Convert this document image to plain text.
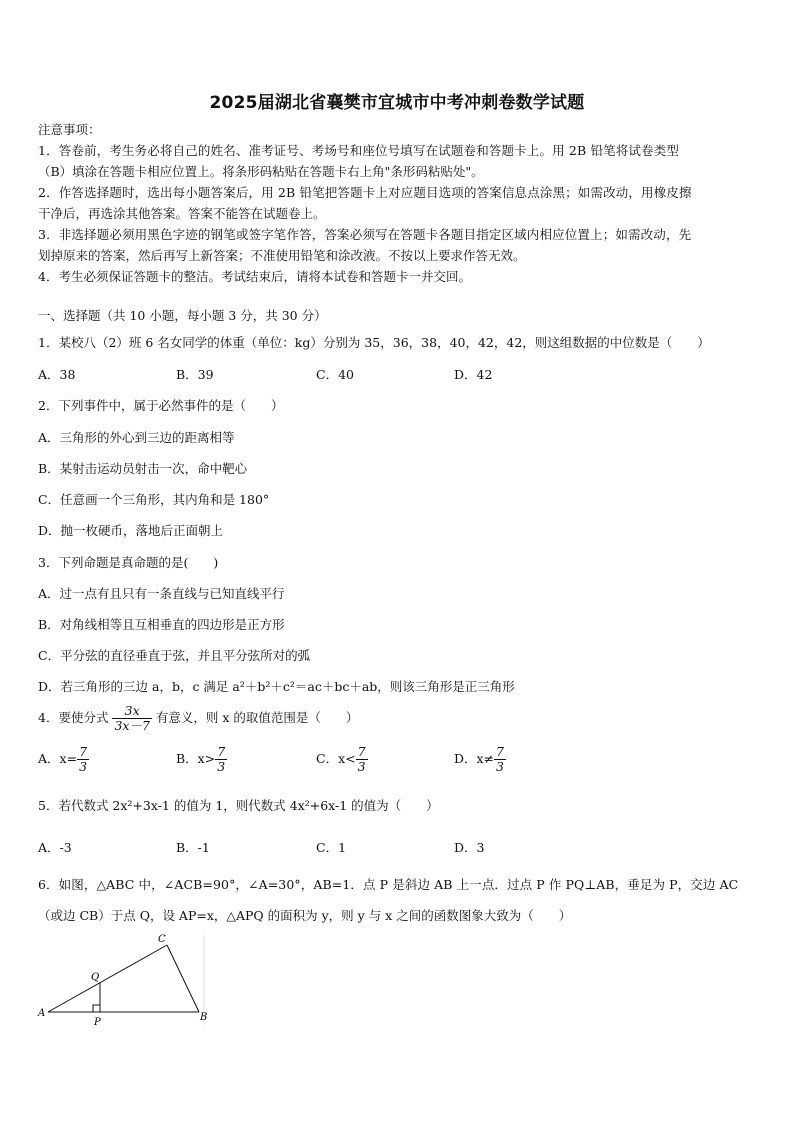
2025届湖北省襄樊市宜城市中考冲刺卷数学试题
注意事项：
1．答卷前，考生务必将自己的姓名、准考证号、考场号和座位号填写在试题卷和答题卡上。用 2B 铅笔将试卷类型
（B）填涂在答题卡相应位置上。将条形码粘贴在答题卡右上角"条形码粘贴处"。
2．作答选择题时，选出每小题答案后，用 2B 铅笔把答题卡上对应题目选项的答案信息点涂黑；如需改动，用橡皮擦
干净后，再选涂其他答案。答案不能答在试题卷上。
3．非选择题必须用黑色字迹的钢笔或签字笔作答，答案必须写在答题卡各题目指定区域内相应位置上；如需改动，先
划掉原来的答案，然后再写上新答案；不准使用铅笔和涂改液。不按以上要求作答无效。
4．考生必须保证答题卡的整洁。考试结束后，请将本试卷和答题卡一并交回。
一、选择题（共 10 小题，每小题 3 分，共 30 分）
1．某校八（2）班 6 名女同学的体重（单位：kg）分别为 35，36，38，40，42，42，则这组数据的中位数是（　　）
A．38	B．39	C．40	D．42
2．下列事件中，属于必然事件的是（　　）
A．三角形的外心到三边的距离相等
B．某射击运动员射击一次，命中靶心
C．任意画一个三角形，其内角和是 180°
D．抛一枚硬币，落地后正面朝上
3．下列命题是真命题的是(　　)
A．过一点有且只有一条直线与已知直线平行
B．对角线相等且互相垂直的四边形是正方形
C．平分弦的直径垂直于弦，并且平分弦所对的弧
D．若三角形的三边 a，b，c 满足 a²＋b²＋c²＝ac＋bc＋ab，则该三角形是正三角形
4．要使分式 $\frac{3x}{3x-7}$ 有意义，则 x 的取值范围是（　　）
A．$x= \frac{7}{3}$	B．$x> \frac{7}{3}$	C．$x< \frac{7}{3}$	D．$x\ne \frac{7}{3}$
5．若代数式 2x²+3x-1 的值为 1，则代数式 4x²+6x-1 的值为（　　）
A．-3	B．-1	C．1	D．3
6．如图，△ABC 中，∠ACB=90°，∠A=30°，AB=1．点 P 是斜边 AB 上一点．过点 P 作 PQ⊥AB，垂足为 P，交边 AC
（或边 CB）于点 Q，设 AP=x，△APQ 的面积为 y，则 y 与 x 之间的函数图象大致为（　　）
A	B
C
P
Q
